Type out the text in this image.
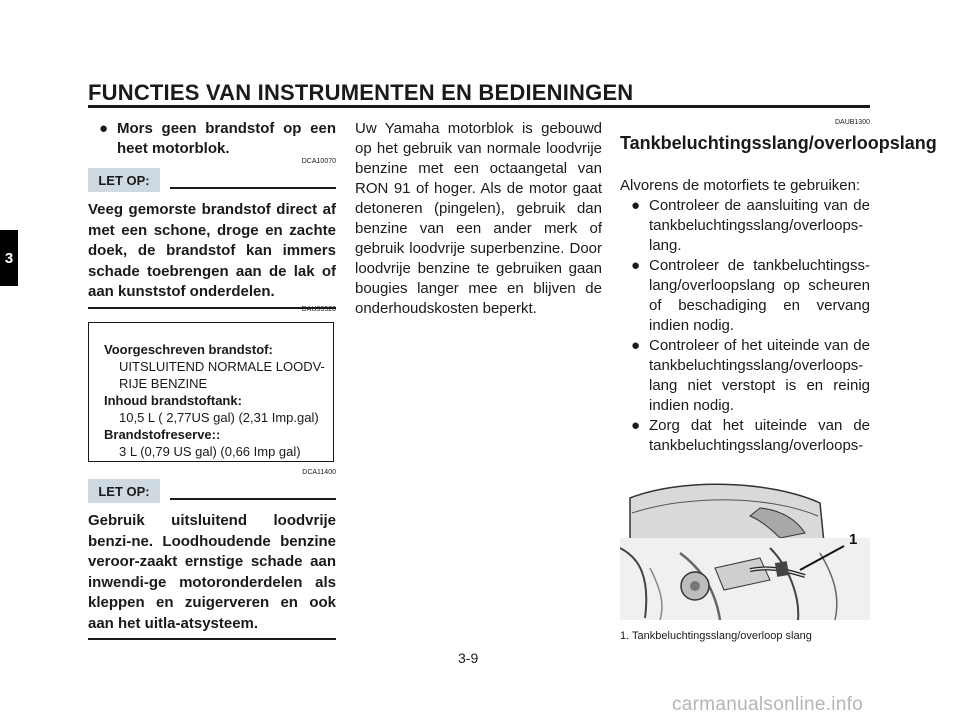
FUNCTIES VAN INSTRUMENTEN EN BEDIENINGEN
3
● Mors geen brandstof op een heet motorblok.
DCA10070
LET OP:
Veeg gemorste brandstof direct af met een schone, droge en zachte doek, de brandstof kan immers schade toebrengen aan de lak of aan kunststof onderdelen.
DAU33520
Voorgeschreven brandstof:
UITSLUITEND NORMALE LOODV-RIJE BENZINE
Inhoud brandstoftank:
10,5 L ( 2,77US gal) (2,31 Imp.gal)
Brandstofreserve::
3 L (0,79 US gal) (0,66 Imp gal)
DCA11400
LET OP:
Gebruik uitsluitend loodvrije benzi-ne. Loodhoudende benzine veroor-zaakt ernstige schade aan inwendi-ge motoronderdelen als kleppen en zuigerveren en ook aan het uitla-atsysteem.
Uw Yamaha motorblok is gebouwd op het gebruik van normale loodvrije benzine met een octaangetal van RON 91 of hoger. Als de motor gaat detoneren (pingelen), gebruik dan benzine van een ander merk of gebruik loodvrije superbenzine. Door loodvrije benzine te gebruiken gaan bougies langer mee en blijven de onderhoudskosten beperkt.
DAUB1300
Tankbeluchtingsslang/overloopslang
Alvorens de motorfiets te gebruiken:
● Controleer de aansluiting van de tankbeluchtingsslang/overloops-lang.
● Controleer de tankbeluchtingss-lang/overloopslang op scheuren of beschadiging en vervang indien nodig.
● Controleer of het uiteinde van de tankbeluchtingsslang/overloops-lang niet verstopt is en reinig indien nodig.
● Zorg dat het uiteinde van de tankbeluchtingsslang/overloops-
1
1. Tankbeluchtingsslang/overloop slang
3-9
carmanualsonline.info
